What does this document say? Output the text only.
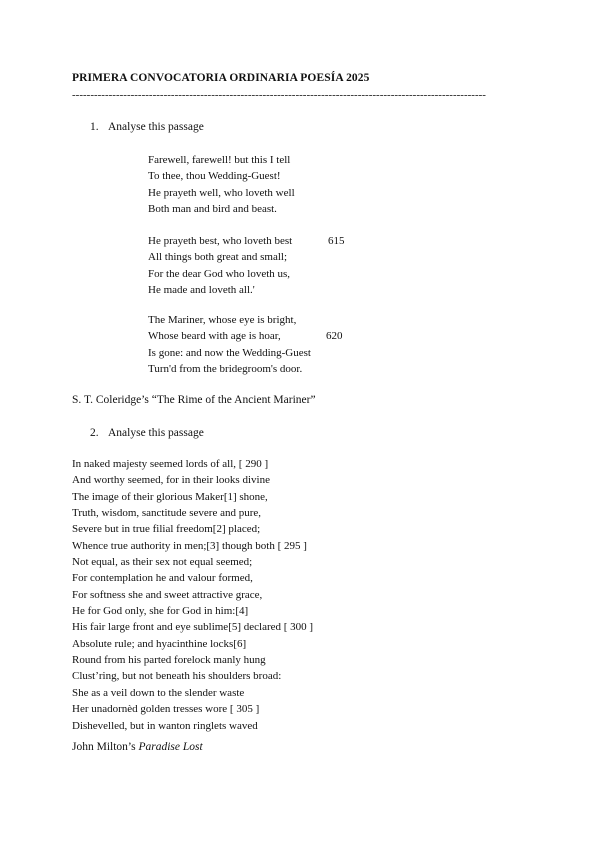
PRIMERA CONVOCATORIA ORDINARIA POESÍA 2025
-----------------------------------------------------------------------------------------------------------------
1. Analyse this passage
Farewell, farewell! but this I tell
To thee, thou Wedding-Guest!
He prayeth well, who loveth well
Both man and bird and beast.
He prayeth best, who loveth best	615
All things both great and small;
For the dear God who loveth us,
He made and loveth all.'
The Mariner, whose eye is bright,
Whose beard with age is hoar,	620
Is gone: and now the Wedding-Guest
Turn'd from the bridegroom's door.
S. T. Coleridge’s “The Rime of the Ancient Mariner”
2. Analyse this passage
In naked majesty seemed lords of all, [ 290 ]
And worthy seemed, for in their looks divine
The image of their glorious Maker[1] shone,
Truth, wisdom, sanctitude severe and pure,
Severe but in true filial freedom[2] placed;
Whence true authority in men;[3] though both [ 295 ]
Not equal, as their sex not equal seemed;
For contemplation he and valour formed,
For softness she and sweet attractive grace,
He for God only, she for God in him:[4]
His fair large front and eye sublime[5] declared [ 300 ]
Absolute rule; and hyacinthine locks[6]
Round from his parted forelock manly hung
Clust’ring, but not beneath his shoulders broad:
She as a veil down to the slender waste
Her unadornèd golden tresses wore [ 305 ]
Dishevelled, but in wanton ringlets waved
John Milton’s Paradise Lost
